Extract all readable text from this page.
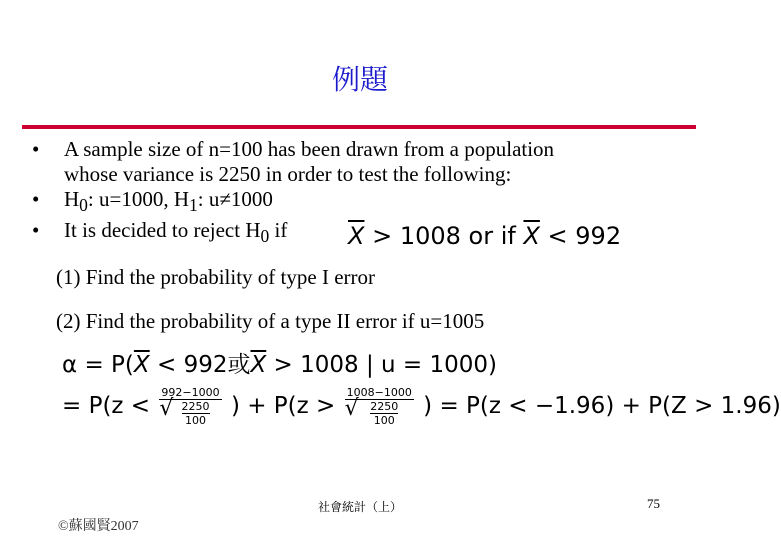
例題
• A sample size of n=100 has been drawn from a population
whose variance is 2250 in order to test the following:
• $H_0$: u=1000, $H_1$: u≠1000
• It is decided to reject $H_0$ if	$\overline{X} > 1008$ or if $\overline{X} < 992$
(1) Find the probability of type I error
(2) Find the probability of a type II error if u=1005
$\alpha = P(\overline{X} < 992$或$\overline{X} > 1008$ | u = 1000)
= $P(z < \frac{992-1000}{√ \frac{2250}{100}}$ ) + $P(z > \frac{1008-1000}{√ \frac{2250}{100}}$ ) = P(z < −1.96) + P(Z > 1.96)
社會統計（上）	75
©蘇國賢2007
